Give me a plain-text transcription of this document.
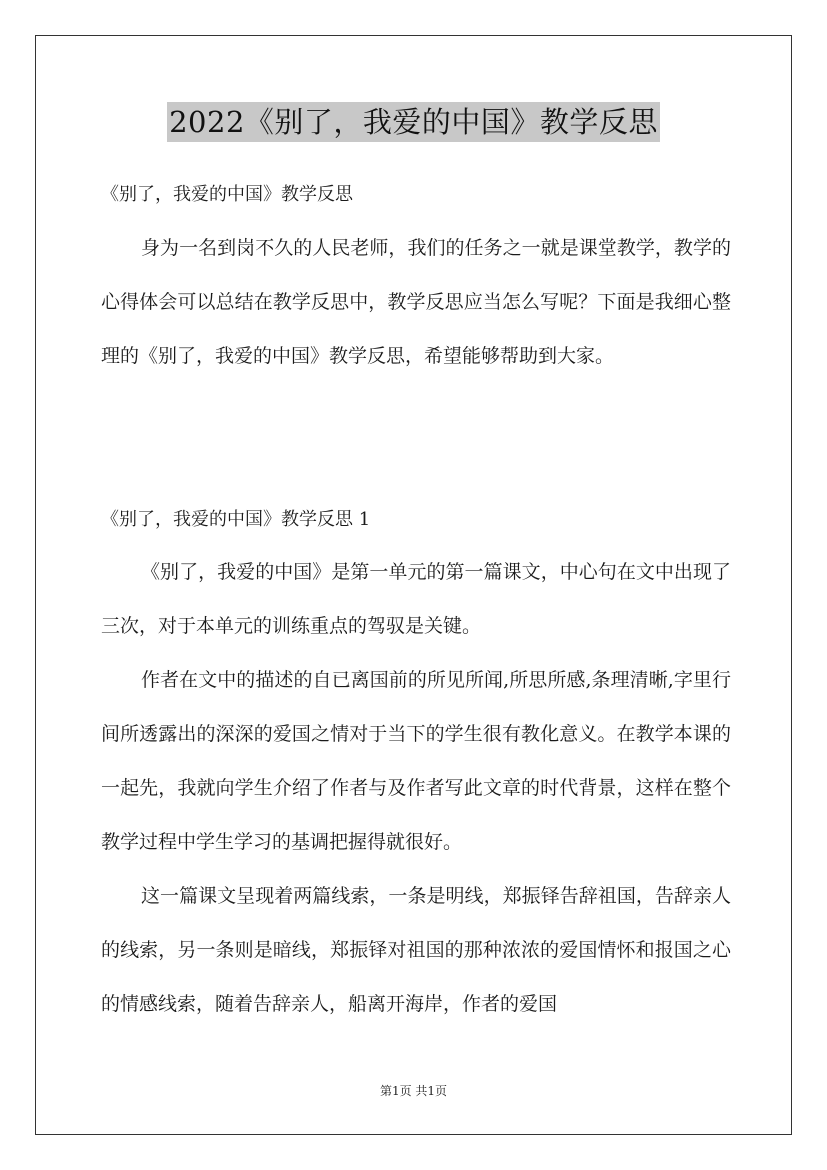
2022《别了，我爱的中国》教学反思

《别了，我爱的中国》教学反思

身为一名到岗不久的人民老师，我们的任务之一就是课堂教学，教学的心得体会可以总结在教学反思中，教学反思应当怎么写呢？下面是我细心整理的《别了，我爱的中国》教学反思，希望能够帮助到大家。

《别了，我爱的中国》教学反思 1

《别了，我爱的中国》是第一单元的第一篇课文，中心句在文中出现了三次，对于本单元的训练重点的驾驭是关键。

作者在文中的描述的自已离国前的所见所闻,所思所感,条理清晰,字里行间所透露出的深深的爱国之情对于当下的学生很有教化意义。在教学本课的一起先，我就向学生介绍了作者与及作者写此文章的时代背景，这样在整个教学过程中学生学习的基调把握得就很好。

这一篇课文呈现着两篇线索，一条是明线，郑振铎告辞祖国，告辞亲人的线索，另一条则是暗线，郑振铎对祖国的那种浓浓的爱国情怀和报国之心的情感线索，随着告辞亲人，船离开海岸，作者的爱国

第1页 共1页
